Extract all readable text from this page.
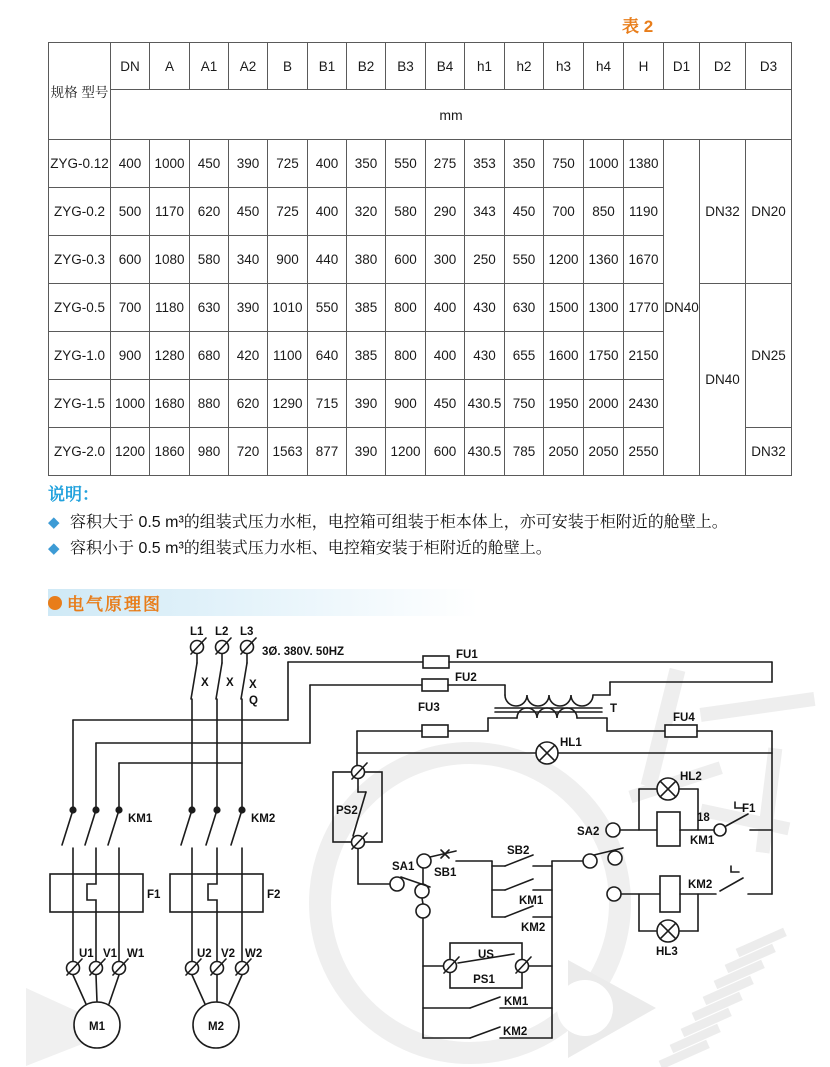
表 2
规格 型号	DN	A	A1	A2	B	B1	B2	B3	B4	h1	h2	h3	h4	H	D1	D2	D3
	mm																
ZYG-0.12	400	1000	450	390	725	400	350	550	275	353	350	750	1000	1380	DN40	DN32	DN20
ZYG-0.2	500	1170	620	450	725	400	320	580	290	343	450	700	850	1190			
ZYG-0.3	600	1080	580	340	900	440	380	600	300	250	550	1200	1360	1670			
ZYG-0.5	700	1180	630	390	1010	550	385	800	400	430	630	1500	1300	1770		DN40	DN25
ZYG-1.0	900	1280	680	420	1100	640	385	800	400	430	655	1600	1750	2150			
ZYG-1.5	1000	1680	880	620	1290	715	390	900	450	430.5	750	1950	2000	2430			
ZYG-2.0	1200	1860	980	720	1563	877	390	1200	600	430.5	785	2050	2050	2550			DN32
说明：
◆ 容积大于 0.5 m³的组装式压力水柜，电控箱可组装于柜本体上，亦可安装于柜附近的舱壁上。
◆ 容积小于 0.5 m³的组装式压力水柜、电控箱安装于柜附近的舱壁上。
电气原理图
L1 L2 L3
3Ø. 380V. 50HZ
X X X
Q
FU1
FU2
FU3
FU4
T
HL1
HL2
HL3
PS2
SA1 SB1
SB2
KM1
KM2
SA2
KM1	KM2
F1	F2
KM1
18
F1
KM2
US
PS1
KM1
KM2
U1 V1 W1	U2 V2 W2
M1	M2
